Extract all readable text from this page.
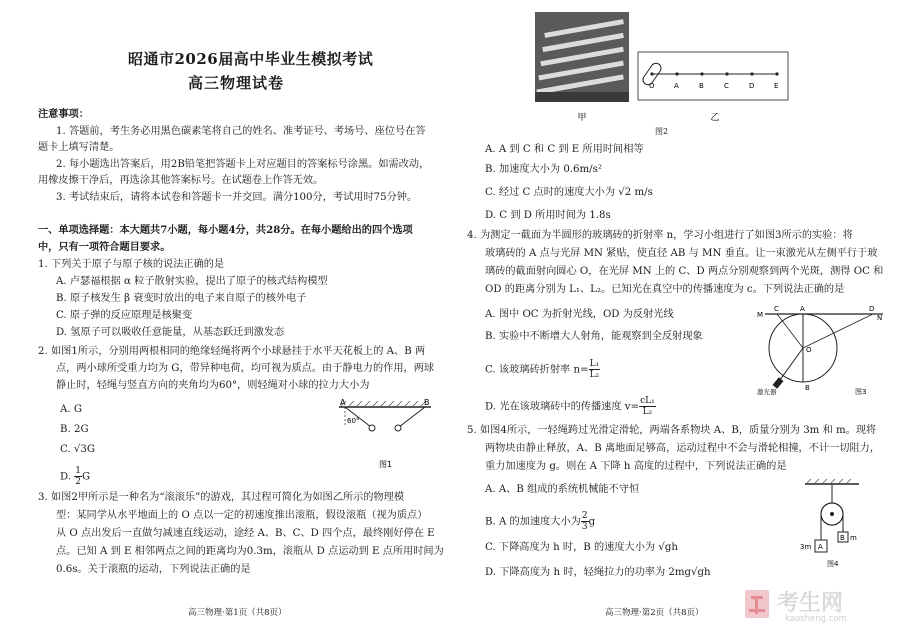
昭通市2026届高中毕业生模拟考试
高三物理试卷
注意事项：
1. 答题前，考生务必用黑色碳素笔将自己的姓名、准考证号、考场号、座位号在答
题卡上填写清楚。
2. 每小题选出答案后，用2B铅笔把答题卡上对应题目的答案标号涂黑。如需改动，
用橡皮擦干净后，再选涂其他答案标号。在试题卷上作答无效。
3. 考试结束后，请将本试卷和答题卡一并交回。满分100分，考试用时75分钟。
一、单项选择题：本大题共7小题，每小题4分，共28分。在每小题给出的四个选项
中，只有一项符合题目要求。
1. 下列关于原子与原子核的说法正确的是
A. 卢瑟福根据 α 粒子散射实验，提出了原子的核式结构模型
B. 原子核发生 β 衰变时放出的电子来自原子的核外电子
C. 原子弹的反应原理是核聚变
D. 氢原子可以吸收任意能量，从基态跃迁到激发态
2. 如图1所示，分别用两根相同的绝缘轻绳将两个小球悬挂于水平天花板上的 A、B 两
点，两小球所受重力均为 G，带异种电荷，均可视为质点。由于静电力的作用，两球
静止时，轻绳与竖直方向的夹角均为60°，则轻绳对小球的拉力大小为
A. G
B. 2G
C. √3G
D. $\frac{1}{2}$ G
A	B
60°
图1
3. 如图2甲所示是一种名为“滚滚乐”的游戏，其过程可简化为如图乙所示的物理模
型：某同学从水平地面上的 O 点以一定的初速度推出滚瓶，假设滚瓶（视为质点）
从 O 点出发后一直做匀减速直线运动，途经 A、B、C、D 四个点，最终刚好停在 E
点。已知 A 到 E 相邻两点之间的距离均为0.3m，滚瓶从 D 点运动到 E 点所用时间为
0.6s。关于滚瓶的运动，下列说法正确的是
高三物理·第1页（共8页）
甲
O	A	B	C	D	E
乙
图2
A. A 到 C 和 C 到 E 所用时间相等
B. 加速度大小为 0.6m/s²
C. 经过 C 点时的速度大小为 √2 m/s
D. C 到 D 所用时间为 1.8s
4. 为测定一截面为半圆形的玻璃砖的折射率 n，学习小组进行了如图3所示的实验：将
玻璃砖的 A 点与光屏 MN 紧贴，使直径 AB 与 MN 垂直。让一束激光从左侧平行于玻
璃砖的截面射向圆心 O，在光屏 MN 上的 C、D 两点分别观察到两个光斑，测得 OC 和
OD 的距离分别为 L₁、L₂。已知光在真空中的传播速度为 c。下列说法正确的是
A. 图中 OC 为折射光线，OD 为反射光线
B. 实验中不断增大人射角，能观察到全反射现象
C. 该玻璃砖折射率 $n= \frac{\text{L₁}}{\text{L₂}}$
D. 光在该玻璃砖中的传播速度 $v= \frac{\text{cL₁}}{\text{L₂}}$
M
C	A	D
N
O
B
激光器	图3
5. 如图4所示，一轻绳跨过光滑定滑轮，两端各系物块 A、B，质量分别为 3m 和 m。现将
两物块由静止释放，A、B 离地面足够高，运动过程中不会与滑轮相撞，不计一切阻力，
重力加速度为 g。则在 A 下降 h 高度的过程中，下列说法正确的是
A. A、B 组成的系统机械能不守恒
B. A 的加速度大小为 $\frac{2}{3}$ g
C. 下降高度为 h 时，B 的速度大小为 √gh
D. 下降高度为 h 时，轻绳拉力的功率为 2mg√gh
3m A
B m
图4
高三物理·第2页（共8页）	考生网
kaosheng.com
